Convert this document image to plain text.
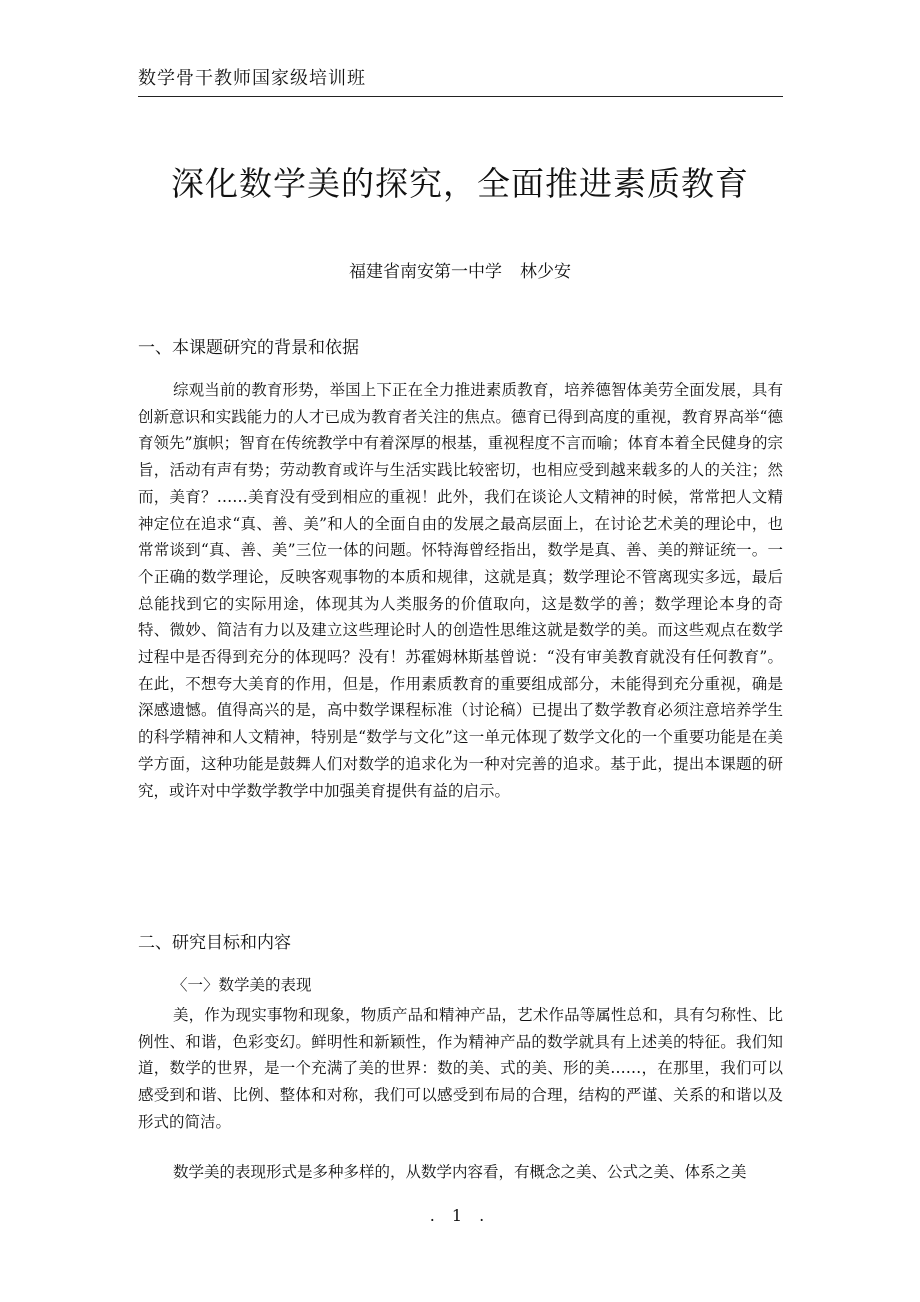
数学骨干教师国家级培训班
深化数学美的探究，全面推进素质教育
福建省南安第一中学 林少安
一、本课题研究的背景和依据

综观当前的教育形势，举国上下正在全力推进素质教育，培养德智体美劳全面发展，具有创新意识和实践能力的人才已成为教育者关注的焦点。德育已得到高度的重视，教育界高举“德育领先”旗帜；智育在传统教学中有着深厚的根基，重视程度不言而喻；体育本着全民健身的宗旨，活动有声有势；劳动教育或许与生活实践比较密切，也相应受到越来载多的人的关注；然而，美育？……美育没有受到相应的重视！此外，我们在谈论人文精神的时候，常常把人文精神定位在追求“真、善、美”和人的全面自由的发展之最高层面上，在讨论艺术美的理论中，也常常谈到“真、善、美”三位一体的问题。怀特海曾经指出，数学是真、善、美的辩证统一。一个正确的数学理论，反映客观事物的本质和规律，这就是真；数学理论不管离现实多远，最后总能找到它的实际用途，体现其为人类服务的价值取向，这是数学的善；数学理论本身的奇特、微妙、简洁有力以及建立这些理论时人的创造性思维这就是数学的美。而这些观点在数学过程中是否得到充分的体现吗？没有！苏霍姆林斯基曾说：“没有审美教育就没有任何教育”。在此，不想夸大美育的作用，但是，作用素质教育的重要组成部分，未能得到充分重视，确是深感遗憾。值得高兴的是，高中数学课程标准（讨论稿）已提出了数学教育必须注意培养学生的科学精神和人文精神，特别是“数学与文化”这一单元体现了数学文化的一个重要功能是在美学方面，这种功能是鼓舞人们对数学的追求化为一种对完善的追求。基于此，提出本课题的研究，或许对中学数学教学中加强美育提供有益的启示。

二、研究目标和内容
〈一〉数学美的表现

美，作为现实事物和现象，物质产品和精神产品，艺术作品等属性总和，具有匀称性、比例性、和谐，色彩变幻。鲜明性和新颖性，作为精神产品的数学就具有上述美的特征。我们知道，数学的世界，是一个充满了美的世界：数的美、式的美、形的美……，在那里，我们可以感受到和谐、比例、整体和对称，我们可以感受到布局的合理，结构的严谨、关系的和谐以及形式的简洁。

数学美的表现形式是多种多样的，从数学内容看，有概念之美、公式之美、体系之美

. 1 .
